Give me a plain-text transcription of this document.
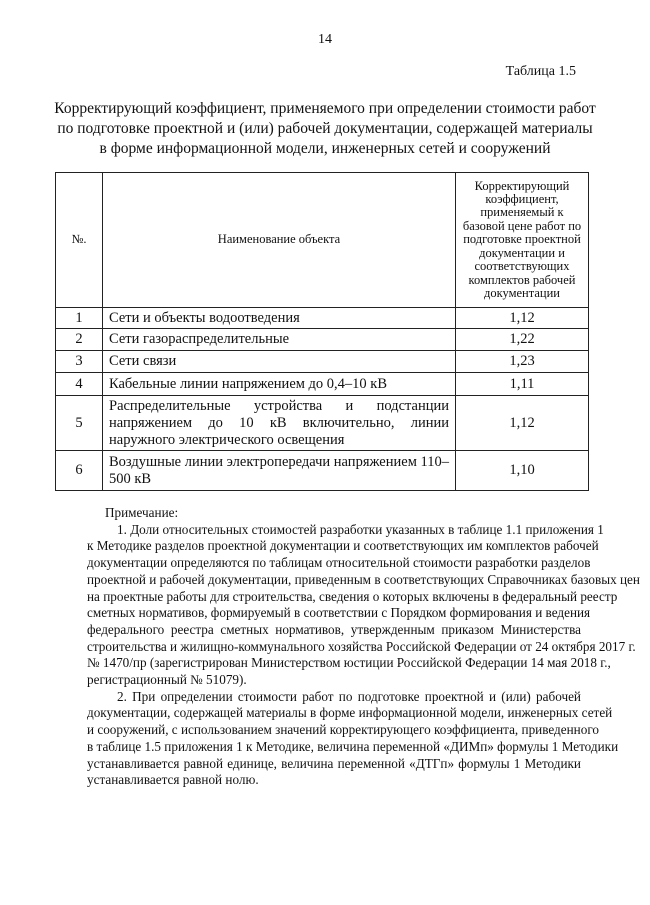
14
Таблица 1.5
Корректирующий коэффициент, применяемого при определении стоимости работ
по подготовке проектной и (или) рабочей документации, содержащей материалы
в форме информационной модели, инженерных сетей и сооружений
№.	Наименование объекта	Корректирующий коэффициент, применяемый к базовой цене работ по подготовке проектной документации и соответствующих комплектов рабочей документации
1	Сети и объекты водоотведения	1,12
2	Сети газораспределительные	1,22
3	Сети связи	1,23
4	Кабельные линии напряжением до 0,4–10 кВ	1,11
5	Распределительные устройства и подстанции напряжением до 10 кВ включительно, линии наружного электрического освещения	1,12
6	Воздушные линии электропередачи напряжением 110–500 кВ	1,10
Примечание:
1. Доли относительных стоимостей разработки указанных в таблице 1.1 приложения 1
к Методике разделов проектной документации и соответствующих им комплектов рабочей
документации определяются по таблицам относительной стоимости разработки разделов
проектной и рабочей документации, приведенным в соответствующих Справочниках базовых цен
на проектные работы для строительства, сведения о которых включены в федеральный реестр
сметных нормативов, формируемый в соответствии с Порядком формирования и ведения
федерального реестра сметных нормативов, утвержденным приказом Министерства
строительства и жилищно-коммунального хозяйства Российской Федерации от 24 октября 2017 г.
№ 1470/пр (зарегистрирован Министерством юстиции Российской Федерации 14 мая 2018 г.,
регистрационный № 51079).
2. При определении стоимости работ по подготовке проектной и (или) рабочей
документации, содержащей материалы в форме информационной модели, инженерных сетей
и сооружений, с использованием значений корректирующего коэффициента, приведенного
в таблице 1.5 приложения 1 к Методике, величина переменной «ДИМп» формулы 1 Методики
устанавливается равной единице, величина переменной «ДТГп» формулы 1 Методики
устанавливается равной нолю.
